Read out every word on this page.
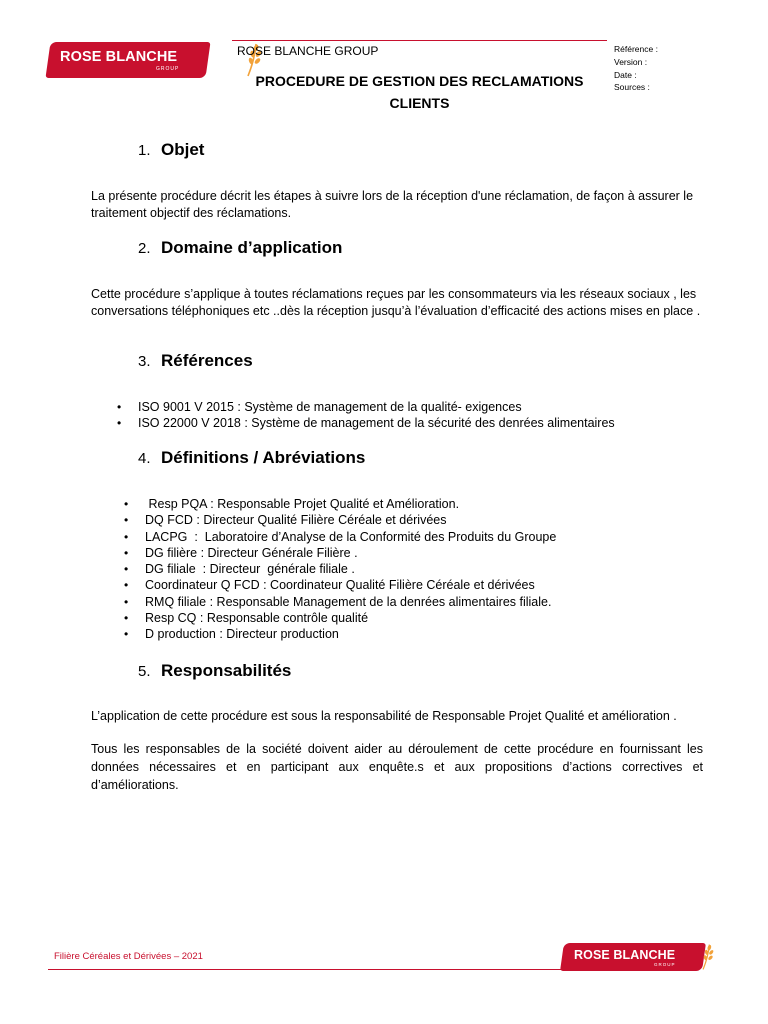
ROSE BLANCHE
GROUP
ROSE BLANCHE GROUP
PROCEDURE DE GESTION DES RECLAMATIONS
CLIENTS
Référence :
Version :
Date :
Sources :
1. Objet
La présente procédure décrit les étapes à suivre lors de la réception d'une réclamation, de façon à assurer le traitement objectif des réclamations.
2. Domaine d’application
Cette procédure s’applique à toutes réclamations reçues par les consommateurs via les réseaux sociaux , les conversations téléphoniques etc ..dès la réception jusqu’à l’évaluation d’efficacité des actions mises en place .
3. Références
• ISO 9001 V 2015 : Système de management de la qualité- exigences
• ISO 22000 V 2018 : Système de management de la sécurité des denrées alimentaires
4. Définitions / Abréviations
•  Resp PQA : Responsable Projet Qualité et Amélioration.
• DQ FCD : Directeur Qualité Filière Céréale et dérivées
• LACPG  :  Laboratoire d’Analyse de la Conformité des Produits du Groupe
• DG filière : Directeur Générale Filière .
• DG filiale  : Directeur  générale filiale .
• Coordinateur Q FCD : Coordinateur Qualité Filière Céréale et dérivées
• RMQ filiale : Responsable Management de la denrées alimentaires filiale.
• Resp CQ : Responsable contrôle qualité
• D production : Directeur production
5. Responsabilités
L’application de cette procédure est sous la responsabilité de Responsable Projet Qualité et amélioration .
Tous les responsables de la société doivent aider au déroulement de cette procédure en fournissant les données nécessaires et en participant aux enquête.s et aux propositions d’actions correctives et d’améliorations.
Filière Céréales et Dérivées – 2021	ROSE BLANCHE
GROUP
